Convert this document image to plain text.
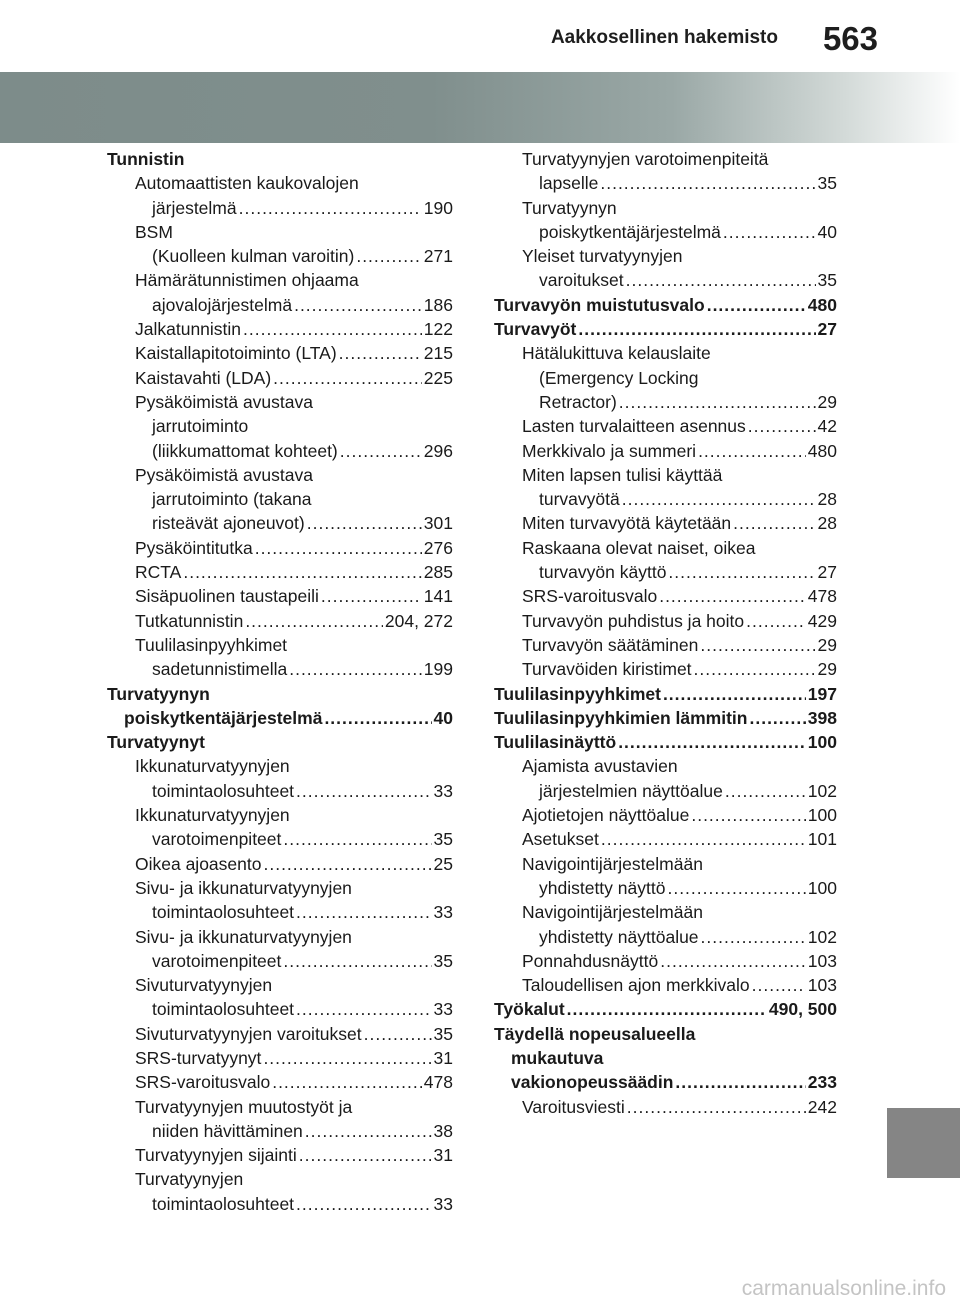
Aakkosellinen hakemisto 563
Tunnistin
Automaattisten kaukovalojen
järjestelmä .....	190
BSM
(Kuolleen kulman varoitin) .....	271
Hämärätunnistimen ohjaama
ajovalojärjestelmä .....	186
Jalkatunnistin .....	122
Kaistallapitotoiminto (LTA) .....	215
Kaistavahti (LDA) .....	225
Pysäköimistä avustava
jarrutoiminto
(liikkumattomat kohteet) .....	296
Pysäköimistä avustava
jarrutoiminto (takana
risteävät ajoneuvot) .....	301
Pysäköintitutka .....	276
RCTA .....	285
Sisäpuolinen taustapeili .....	141
Tutkatunnistin .....	204, 272
Tuulilasinpyyhkimet
sadetunnistimella .....	199
Turvatyynyn
poiskytkentäjärjestelmä .....	40
Turvatyynyt
Ikkunaturvatyynyjen
toimintaolosuhteet .....	33
Ikkunaturvatyynyjen
varotoimenpiteet .....	35
Oikea ajoasento .....	25
Sivu- ja ikkunaturvatyynyjen
toimintaolosuhteet .....	33
Sivu- ja ikkunaturvatyynyjen
varotoimenpiteet .....	35
Sivuturvatyynyjen
toimintaolosuhteet .....	33
Sivuturvatyynyjen varoitukset .....	35
SRS-turvatyynyt .....	31
SRS-varoitusvalo .....	478
Turvatyynyjen muutostyöt ja
niiden hävittäminen .....	38
Turvatyynyjen sijainti .....	31
Turvatyynyjen
toimintaolosuhteet .....	33
Turvatyynyjen varotoimenpiteitä
lapselle .....	35
Turvatyynyn
poiskytkentäjärjestelmä .....	40
Yleiset turvatyynyjen
varoitukset .....	35
Turvavyön muistutusvalo .....	480
Turvavyöt .....	27
Hätälukittuva kelauslaite
(Emergency Locking
Retractor) .....	29
Lasten turvalaitteen asennus .....	42
Merkkivalo ja summeri .....	480
Miten lapsen tulisi käyttää
turvavyötä .....	28
Miten turvavyötä käytetään .....	28
Raskaana olevat naiset, oikea
turvavyön käyttö .....	27
SRS-varoitusvalo .....	478
Turvavyön puhdistus ja hoito .....	429
Turvavyön säätäminen .....	29
Turvavöiden kiristimet .....	29
Tuulilasinpyyhkimet .....	197
Tuulilasinpyyhkimien lämmitin .....	398
Tuulilasinäyttö .....	100
Ajamista avustavien
järjestelmien näyttöalue .....	102
Ajotietojen näyttöalue .....	100
Asetukset .....	101
Navigointijärjestelmään
yhdistetty näyttö .....	100
Navigointijärjestelmään
yhdistetty näyttöalue .....	102
Ponnahdusnäyttö .....	103
Taloudellisen ajon merkkivalo .....	103
Työkalut .....	490, 500
Täydellä nopeusalueella
mukautuva
vakionopeussäädin .....	233
Varoitusviesti .....	242
carmanualsonline.info
